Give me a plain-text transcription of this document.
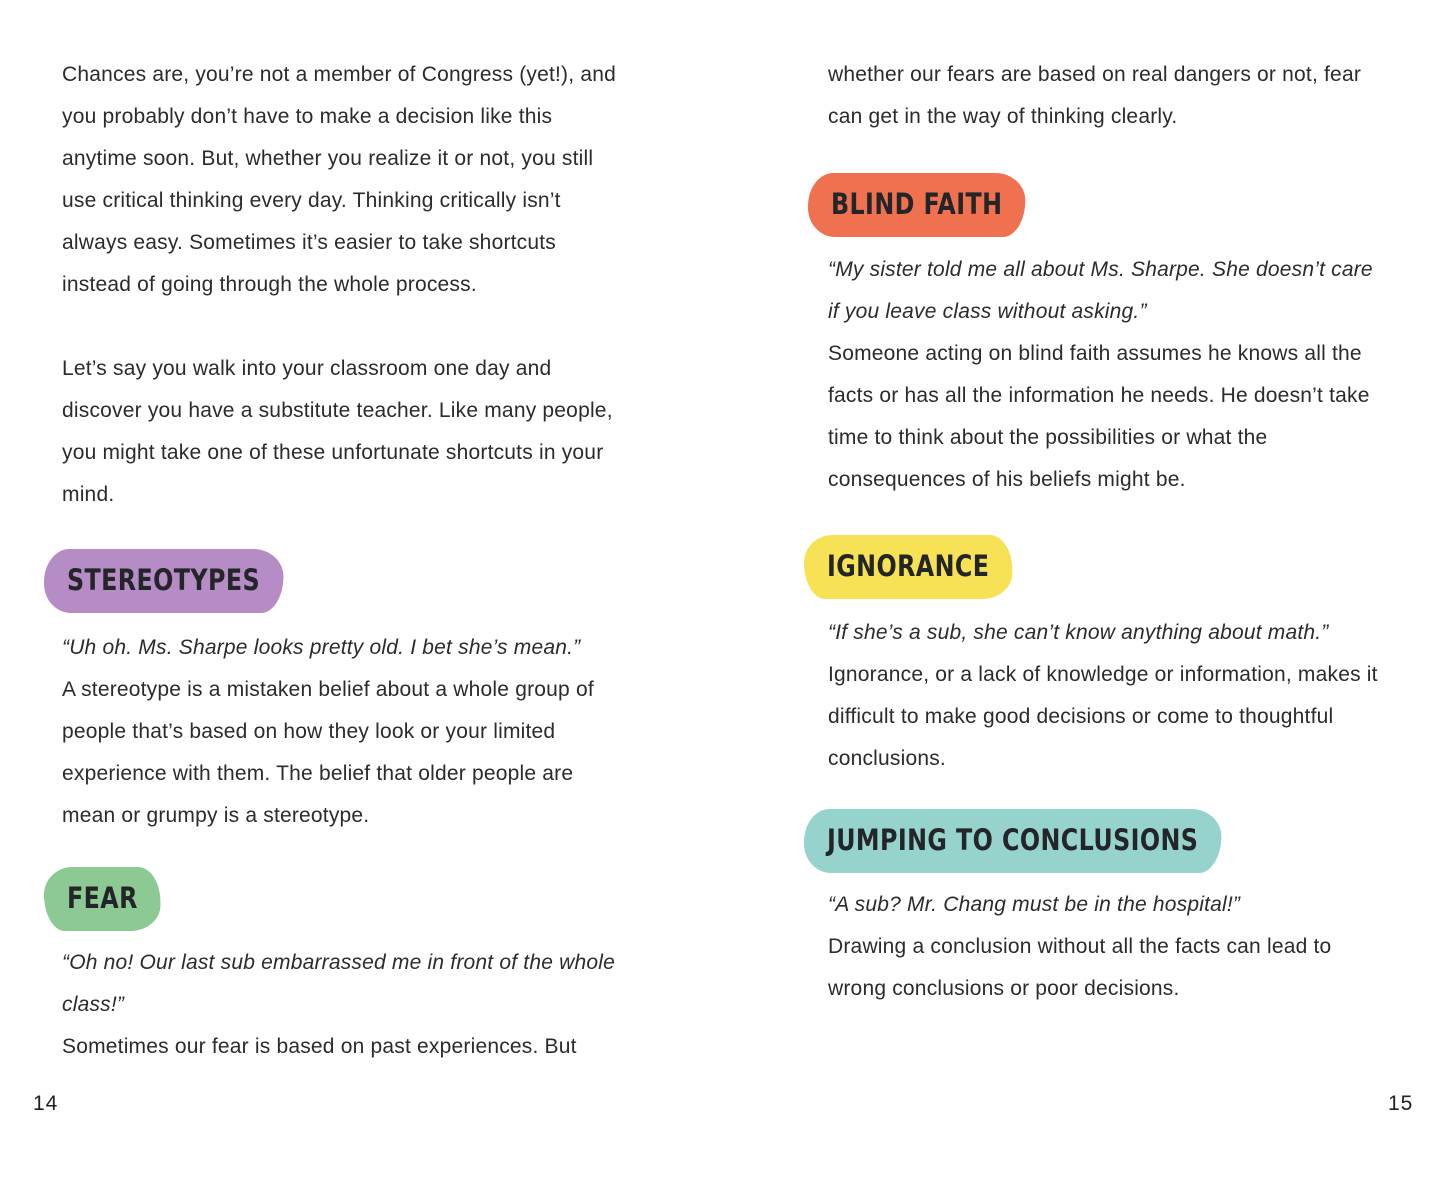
Chances are, you’re not a member of Congress (yet!), and you probably don’t have to make a decision like this anytime soon. But, whether you realize it or not, you still use critical thinking every day. Thinking critically isn’t always easy. Sometimes it’s easier to take shortcuts instead of going through the whole process.
Let’s say you walk into your classroom one day and discover you have a substitute teacher. Like many people, you might take one of these unfortunate shortcuts in your mind.
STEREOTYPES
“Uh oh. Ms. Sharpe looks pretty old. I bet she’s mean.”
A stereotype is a mistaken belief about a whole group of people that’s based on how they look or your limited experience with them. The belief that older people are mean or grumpy is a stereotype.
FEAR
“Oh no! Our last sub embarrassed me in front of the whole class!”
Sometimes our fear is based on past experiences. But
14
whether our fears are based on real dangers or not, fear can get in the way of thinking clearly.
BLIND FAITH
“My sister told me all about Ms. Sharpe. She doesn’t care if you leave class without asking.”
Someone acting on blind faith assumes he knows all the facts or has all the information he needs. He doesn’t take time to think about the possibilities or what the consequences of his beliefs might be.
IGNORANCE
“If she’s a sub, she can’t know anything about math.”
Ignorance, or a lack of knowledge or information, makes it difficult to make good decisions or come to thoughtful conclusions.
JUMPING TO CONCLUSIONS
“A sub? Mr. Chang must be in the hospital!”
Drawing a conclusion without all the facts can lead to wrong conclusions or poor decisions.
15
